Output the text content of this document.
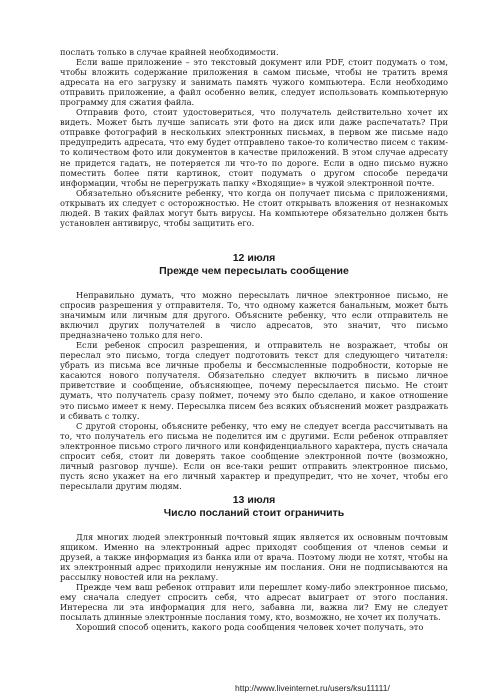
послать только в случае крайней необходимости.

Если ваше приложение – это текстовый документ или PDF, стоит подумать о том, чтобы вложить содержание приложения в самом письме, чтобы не тратить время адресата на его загрузку и занимать память чужого компьютера. Если необходимо отправить приложение, а файл особенно велик, следует использовать компьютерную программу для сжатия файла.

Отправив фото, стоит удостовериться, что получатель действительно хочет их видеть. Может быть лучше записать эти фото на диск или даже распечатать? При отправке фотографий в нескольких электронных письмах, в первом же письме надо предупредить адресата, что ему будет отправлено такое-то количество писем с таким-то количеством фото или документов в качестве приложений. В этом случае адресату не придется гадать, не потеряется ли что-то по дороге. Если в одно письмо нужно поместить более пяти картинок, стоит подумать о другом способе передачи информации, чтобы не перегружать папку «Входящие» в чужой электронной почте.

Обязательно объясните ребенку, что когда он получает письма с приложениями, открывать их следует с осторожностью. Не стоит открывать вложения от незнакомых людей. В таких файлах могут быть вирусы. На компьютере обязательно должен быть установлен антивирус, чтобы защитить его.

12 июля
Прежде чем пересылать сообщение

Неправильно думать, что можно пересылать личное электронное письмо, не спросив разрешения у отправителя. То, что одному кажется банальным, может быть значимым или личным для другого. Объясните ребенку, что если отправитель не включил других получателей в число адресатов, это значит, что письмо предназначено только для него.

Если ребенок спросил разрешения, и отправитель не возражает, чтобы он переслал это письмо, тогда следует подготовить текст для следующего читателя: убрать из письма все личные пробелы и бессмысленные подробности, которые не касаются нового получателя. Обязательно следует включить в письмо личное приветствие и сообщение, объясняющее, почему пересылается письмо. Не стоит думать, что получатель сразу поймет, почему это было сделано, и какое отношение это письмо имеет к нему. Пересылка писем без всяких объяснений может раздражать и сбивать с толку.

С другой стороны, объясните ребенку, что ему не следует всегда рассчитывать на то, что получатель его письма не поделится им с другими. Если ребенок отправляет электронное письмо строго личного или конфиденциального характера, пусть сначала спросит себя, стоит ли доверять такое сообщение электронной почте (возможно, личный разговор лучше). Если он все-таки решит отправить электронное письмо, пусть ясно укажет на его личный характер и предупредит, что не хочет, чтобы его пересылали другим людям.

13 июля
Число посланий стоит ограничить

Для многих людей электронный почтовый ящик является их основным почтовым ящиком. Именно на электронный адрес приходят сообщения от членов семьи и друзей, а также информация из банка или от врача. Поэтому люди не хотят, чтобы на их электронный адрес приходили ненужные им послания. Они не подписываются на рассылку новостей или на рекламу.

Прежде чем ваш ребенок отправит или перешлет кому-либо электронное письмо, ему сначала следует спросить себя, что адресат выиграет от этого послания. Интересна ли эта информация для него, забавна ли, важна ли? Ему не следует посылать длинные электронные послания тому, кто, возможно, не хочет их получать.

Хороший способ оценить, какого рода сообщения человек хочет получать, это

http://www.liveinternet.ru/users/ksu11111/
